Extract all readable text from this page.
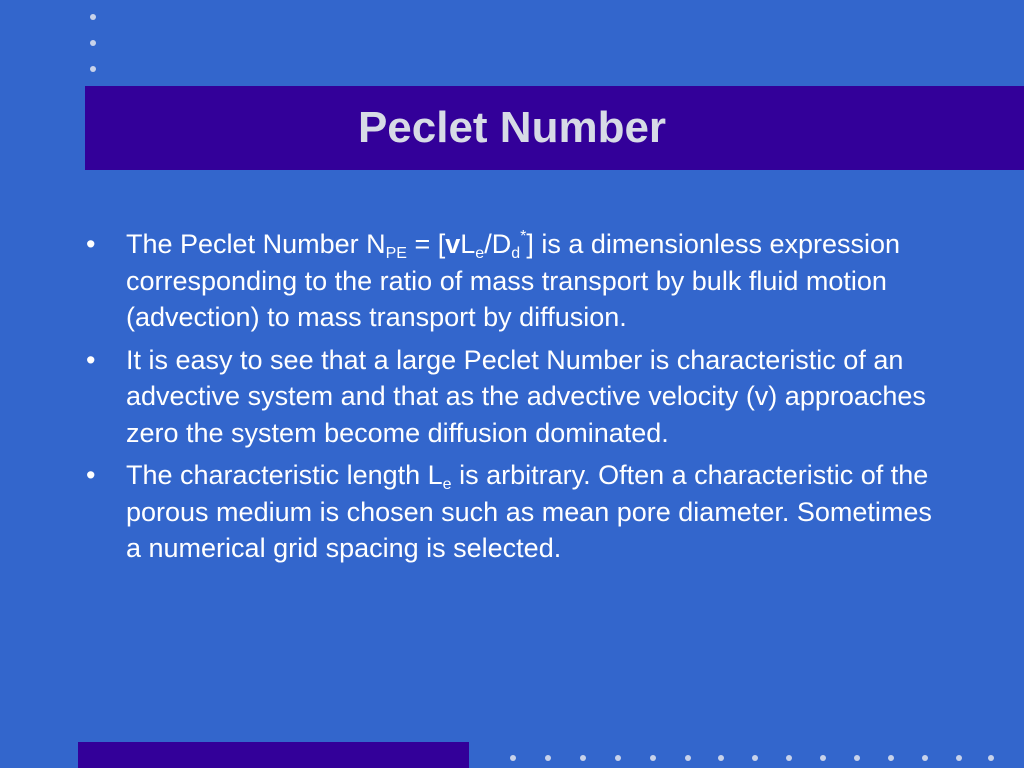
Peclet Number
•	The Peclet Number $N_{PE} = [vL_e/D_d^*]$ is a dimensionless expression corresponding to the ratio of mass transport by bulk fluid motion (advection) to mass transport by diffusion.
•	It is easy to see that a large Peclet Number is characteristic of an advective system and that as the advective velocity (v) approaches zero the system become diffusion dominated.
•	The characteristic length $L_e$ is arbitrary. Often a characteristic of the porous medium is chosen such as mean pore diameter. Sometimes a numerical grid spacing is selected.
